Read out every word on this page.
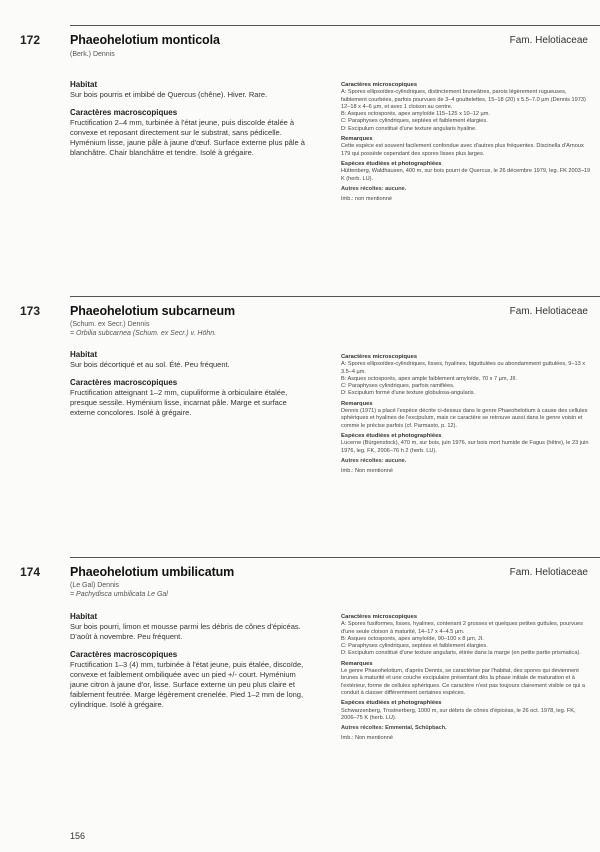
172 Phaeohelotium monticola	Fam. Helotiaceae
(Berk.) Dennis

Habitat

Sur bois pourris et imbibé de Quercus (chêne). Hiver. Rare.

Caractères macroscopiques

Fructification 2–4 mm, turbinée à l'état jeune, puis discoïde étalée à convexe et reposant directement sur le substrat, sans pédicelle. Hyménium lisse, jaune pâle à jaune d'œuf. Surface externe plus pâle à blanchâtre. Chair blanchâtre et tendre. Isolé à grégaire.

Caractères microscopiques

A: Spores ellipsoïdes-cylindriques, distinctement bruneâtres, parois légèrement rugueuses, faiblement courbées, parfois pourvues de 3–4 gouttelettes, 15–18 (20) x 5.5–7.0 µm (Dennis 1973) 12–18 x 4–6 µm, et avec 1 cloison au centre.
B: Asques octosporés, apex amyloïde 115–125 x 10–12 µm.
C: Paraphyses cylindriques, septées et faiblement élargies.
D: Excipulum constitué d'une texture angularis hyaline.

Remarques

Cette espèce est souvent facilement confondue avec d'autres plus fréquentes. Discinella d'Arnoux 179 qui possède cependant des spores lisses plus larges.

Espèces étudiées et photographiées

Hüttenberg, Waldhausen, 400 m, sur bois pourri de Quercus, le 26 décembre 1979, leg. FK 2003–19 K (herb. LU).

Autres récoltes: aucune.

Imb.: non mentionné

173 Phaeohelotium subcarneum	Fam. Helotiaceae
(Schum. ex Secr.) Dennis
= Orbilia subcarnea (Schum. ex Secr.) v. Höhn.

Habitat

Sur bois décortiqué et au sol. Été. Peu fréquent.

Caractères macroscopiques

Fructification atteignant 1–2 mm, cupuliforme à orbiculaire étalée, presque sessile. Hyménium lisse, incarnat pâle. Marge et surface externe concolores. Isolé à grégaire.

Caractères microscopiques

A: Spores ellipsoïdes-cylindriques, lisses, hyalines, biguttulées ou abondamment guttulées, 9–13 x 3.5–4 µm.
B: Asques octosporés, apex ample faiblement amyloïde, 70 x 7 µm, JII.
C: Paraphyses cylindriques, parfois ramifiées.
D: Excipulum formé d'une texture globulosa-angularis.

Remarques

Dennis (1971) a placé l'espèce décrite ci-dessus dans le genre Phaeohelotium à cause des cellules sphériques et hyalines de l'excipulum, mais ce caractère se retrouve aussi dans le genre voisin et comme le précise parfois (cf. Parmasto, p. 12).

Espèces étudiées et photographiées

Lucerne (Bürgenstock), 470 m, sur bois, juin 1976, sur bois mort humide de Fagus (hêtre), le 23 juin 1976, leg. FK, 2006–76 h 2 (herb. LU).

Autres récoltes: aucune.

Imb.: Non mentionné

174 Phaeohelotium umbilicatum	Fam. Helotiaceae
(Le Gal) Dennis
= Pachydisca umbilicata Le Gal

Habitat

Sur bois pourri, limon et mousse parmi les débris de cônes d'épicéas. D'août à novembre. Peu fréquent.

Caractères macroscopiques

Fructification 1–3 (4) mm, turbinée à l'état jeune, puis étalée, discoïde, convexe et faiblement ombiliquée avec un pied +/- court. Hyménium jaune citron à jaune d'or, lisse. Surface externe un peu plus claire et faiblement feutrée. Marge légèrement crenelée. Pied 1–2 mm de long, cylindrique. Isolé à grégaire.

Caractères microscopiques

A: Spores fusiformes, lisses, hyalines, contenant 2 grosses et quelques petites guttules, pourvues d'une seule cloison à maturité, 14–17 x 4–4.5 µm.
B: Asques octosporés, apex amyloïde, 90–100 x 8 µm, JI.
C: Paraphyses cylindriques, septées et faiblement élargies.
D: Excipulum constitué d'une texture angularis, étirée dans la marge (en petite partie prismatica).

Remarques

Le genre Phaeohelotium, d'après Dennis, se caractérise par l'habitat, des spores qui deviennent brunes à maturité et une couche excipulaire présentant dès la phase initiale de maturation et à l'extérieur, forme de cellules sphériques. Ce caractère n'est pas toujours clairement visible ce qui a conduit à classer différemment certaines espèces.

Espèces étudiées et photographiées

Schwarzenberg, Trostnerberg, 1000 m, sur débris de cônes d'épicéas, le 26 oct. 1978, leg. FK, 2006–75 K (herb. LU).

Autres récoltes: Emmental, Schüpbach.

Imb.: Non mentionné

156
